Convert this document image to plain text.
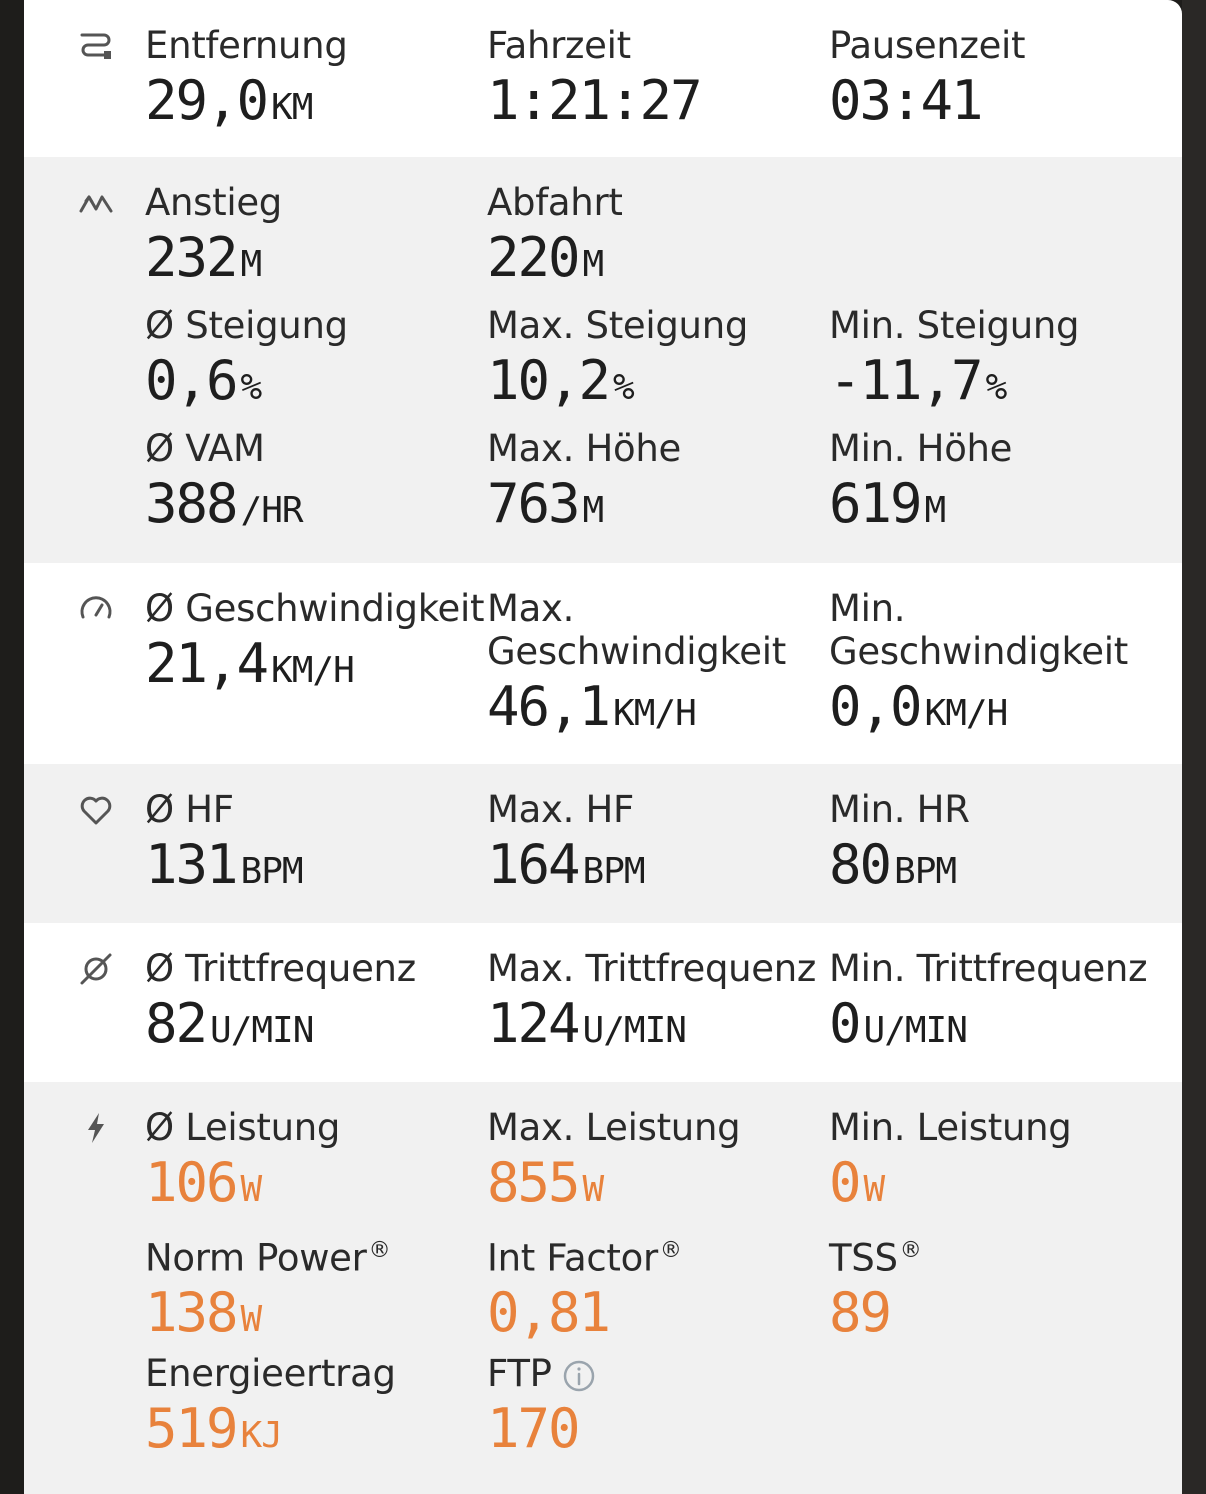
Entfernung
29,0 KM
Fahrzeit
1:21:27
Pausenzeit
03:41
Anstieg
232 M
Abfahrt
220 M
Ø Steigung
0,6 %
Max. Steigung
10,2 %
Min. Steigung
-11,7 %
Ø VAM
388 /HR
Max. Höhe
763 M
Min. Höhe
619 M
Ø Geschwindigkeit
21,4 KM/H
Max. Geschwindigkeit
46,1 KM/H
Min. Geschwindigkeit
0,0 KM/H
Ø HF
131 BPM
Max. HF
164 BPM
Min. HR
80 BPM
Ø Trittfrequenz
82 U/MIN
Max. Trittfrequenz
124 U/MIN
Min. Trittfrequenz
0 U/MIN
Ø Leistung
106 W
Max. Leistung
855 W
Min. Leistung
0 W
Norm Power®
138 W
Int Factor®
0,81
TSS®
89
Energieertrag
519 KJ
FTP
170
